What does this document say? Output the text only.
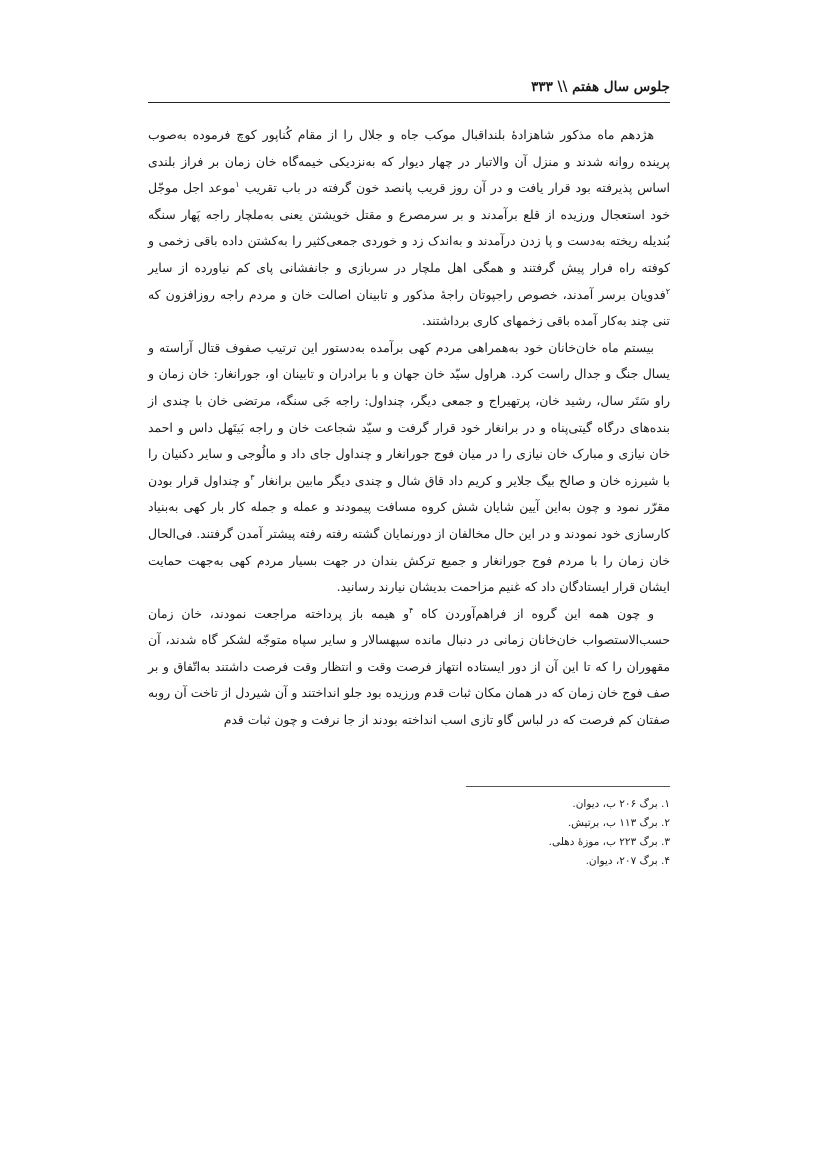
جلوس سال هفتم \\ ۳۳۳

هژدهم ماه مذکور شاهزادۀ بلنداقبال موکب جاه و جلال را از مقام کُناپور کوچ فرموده به‌صوب پرینده روانه شدند و منزل آن والاتبار در چهار دیوار که به‌نزدیکی خیمه‌گاه خان زمان بر فراز بلندی اساس پذیرفته بود قرار یافت و در آن روز قریب پانصد خون گرفته در باب تقریب $^۱$موعد اجل موجّل خود استعجال ورزیده از قلع برآمدند و بر سرمصرع و مقتل خویشتن یعنی به‌ملچار راجه پَهار سنگه بُندیله ریخته به‌دست و پا زدن درآمدند و به‌اندک زد و خوردی جمعی‌کثیر را به‌کشتن داده باقی زخمی و کوفته راه فرار پیش گرفتند و همگی اهل ملچار در سربازی و جانفشانی پای کم نیاورده از سایر $^۲$فدویان برسر آمدند، خصوص راجپوتان راجۀ مذکور و تابینان اصالت خان و مردم راجه روزافزون که تنی چند به‌کار آمده باقی زخمهای کاری برداشتند.

بیستم ماه خان‌خانان خود به‌همراهی مردم کهی برآمده به‌دستور این ترتیب صفوف قتال آراسته و یسال جنگ و جدال راست کرد. هراول سیّد خان جهان و با برادران و تابینان او، جورانغار: خان زمان و راو سَتَر سال، رشید خان، پرتهیراج و جمعی دیگر، چنداول: راجه جَی سنگه، مرتضی خان با چندی از بنده‌های درگاه گیتی‌پناه و در برانغار خود قرار گرفت و سیّد شجاعت خان و راجه بَیتَهل داس و احمد خان نیازی و مبارک خان نیازی را در میان فوج جورانغار و چنداول جای داد و مالُوجی و سایر دکنیان را با شیرزه خان و صالح بیگ جلایر و کریم داد قاق شال و چندی دیگر مابین برانغار $^۳$و چنداول قرار بودن مقرّر نمود و چون به‌این آیین شایان شش کروه مسافت پیمودند و عمله و جمله کار بار کهی به‌بنیاد کارسازی خود نمودند و در این حال مخالفان از دورنمایان گشته رفته رفته پیشتر آمدن گرفتند. فی‌الحال خان زمان را با مردم فوج جورانغار و جمیع ترکش بندان در جهت بسیار مردم کهی به‌جهت حمایت ایشان قرار ایستادگان داد که غنیم مزاحمت بدیشان نیارند رسانید.

و چون همه این گروه از فراهم‌آوردن کاه $^۴$و هیمه باز پرداخته مراجعت نمودند، خان زمان حسب‌الاستصواب خان‌خانان زمانی در دنبال مانده سپهسالار و سایر سپاه متوجّه لشکر گاه شدند، آن مقهوران را که تا این آن از دور ایستاده انتهاز فرصت وقت و انتظار وقت فرصت داشتند به‌اتّفاق و بر صف فوج خان زمان که در همان مکان ثبات قدم ورزیده بود جلو انداختند و آن شیردل از تاخت آن روبه صفتان کم فرصت که در لباس گاو تازی اسب انداخته بودند از جا نرفت و چون ثبات قدم

۱. برگ ۲۰۶ ب، دیوان.
۲. برگ ۱۱۳ ب، برتیش.
۳. برگ ۲۲۳ ب، موزۀ دهلی.
۴. برگ ۲۰۷، دیوان.
